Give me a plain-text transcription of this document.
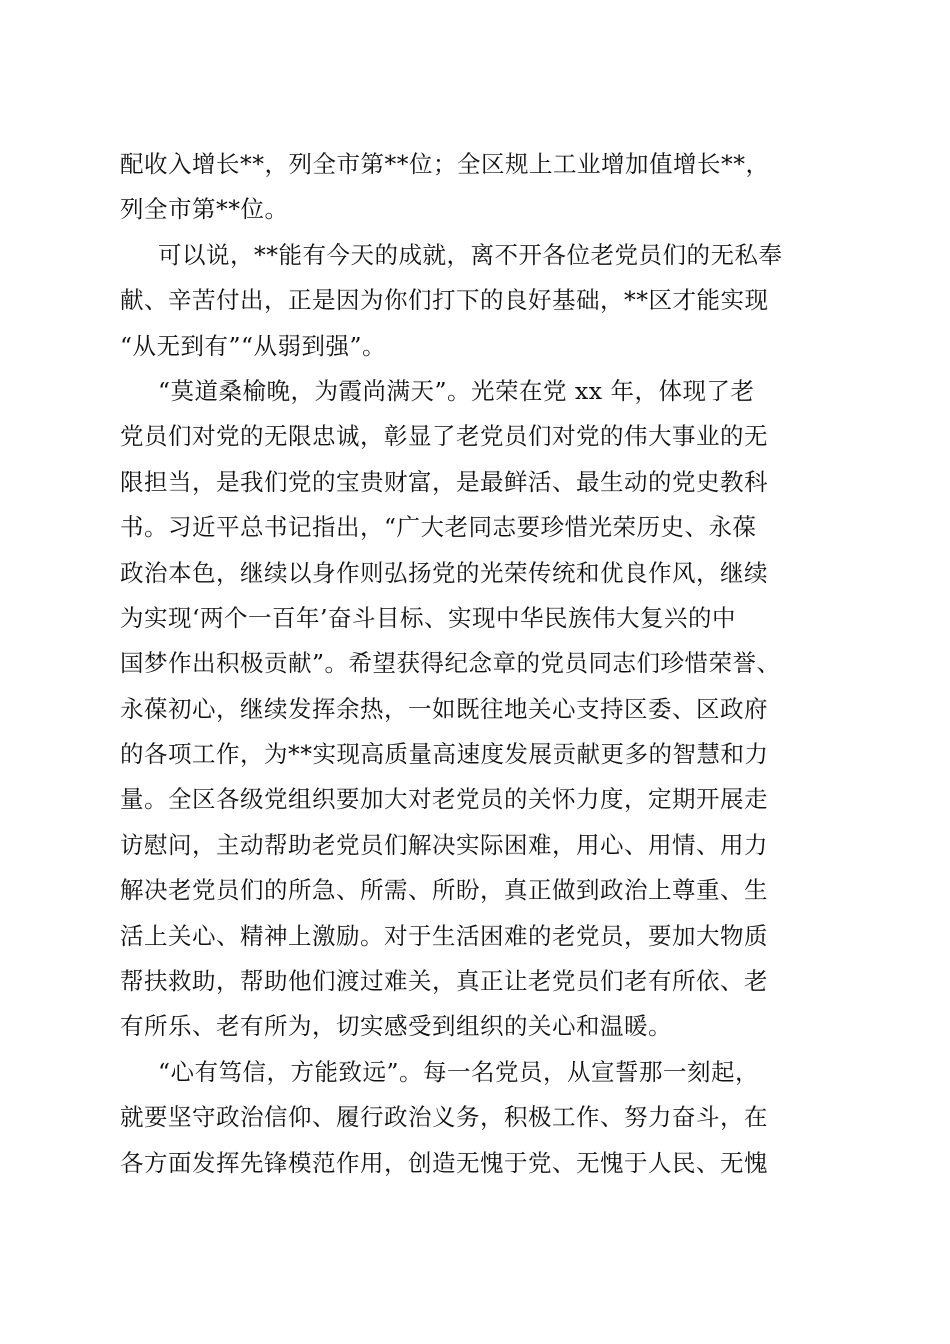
配收入增长**，列全市第**位；全区规上工业增加值增长**，
列全市第**位。
可以说，**能有今天的成就，离不开各位老党员们的无私奉
献、辛苦付出，正是因为你们打下的良好基础，**区才能实现
“从无到有”“从弱到强”。
“莫道桑榆晚，为霞尚满天”。光荣在党 xx 年，体现了老
党员们对党的无限忠诚，彰显了老党员们对党的伟大事业的无
限担当，是我们党的宝贵财富，是最鲜活、最生动的党史教科
书。习近平总书记指出，“广大老同志要珍惜光荣历史、永葆
政治本色，继续以身作则弘扬党的光荣传统和优良作风，继续
为实现‘两个一百年’奋斗目标、实现中华民族伟大复兴的中
国梦作出积极贡献”。希望获得纪念章的党员同志们珍惜荣誉、
永葆初心，继续发挥余热，一如既往地关心支持区委、区政府
的各项工作，为**实现高质量高速度发展贡献更多的智慧和力
量。全区各级党组织要加大对老党员的关怀力度，定期开展走
访慰问，主动帮助老党员们解决实际困难，用心、用情、用力
解决老党员们的所急、所需、所盼，真正做到政治上尊重、生
活上关心、精神上激励。对于生活困难的老党员，要加大物质
帮扶救助，帮助他们渡过难关，真正让老党员们老有所依、老
有所乐、老有所为，切实感受到组织的关心和温暖。
“心有笃信，方能致远”。每一名党员，从宣誓那一刻起，
就要坚守政治信仰、履行政治义务，积极工作、努力奋斗，在
各方面发挥先锋模范作用，创造无愧于党、无愧于人民、无愧
